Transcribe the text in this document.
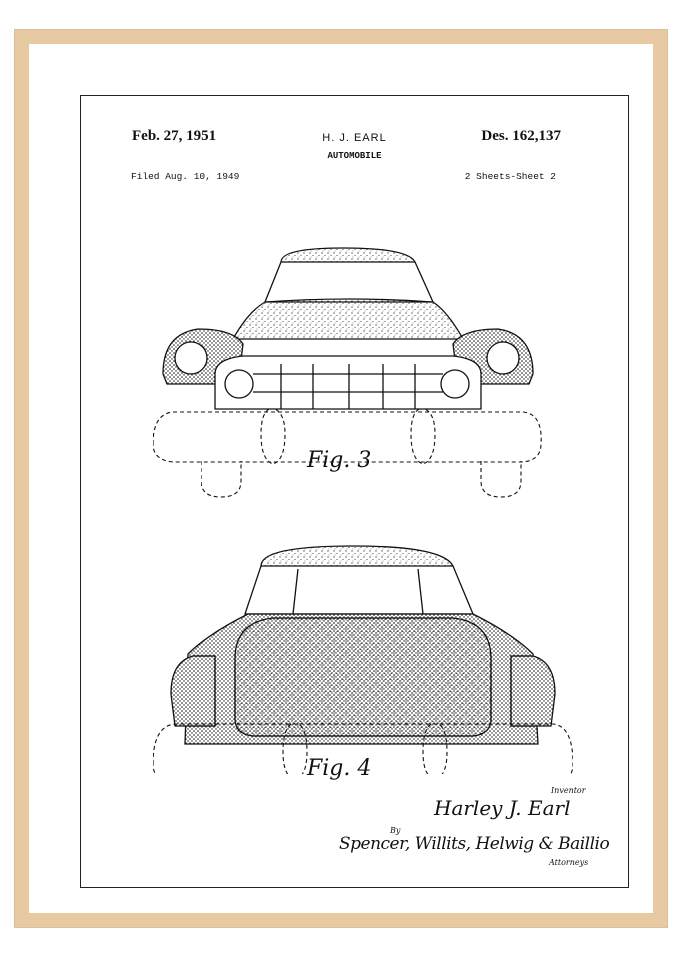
Feb. 27, 1951	H. J. EARL	Des. 162,137
AUTOMOBILE
Filed Aug. 10, 1949	2 Sheets-Sheet 2
Fig. 3
Fig. 4
Inventor
Harley J. Earl
By
Spencer, Willits, Helwig & Baillio
Attorneys
